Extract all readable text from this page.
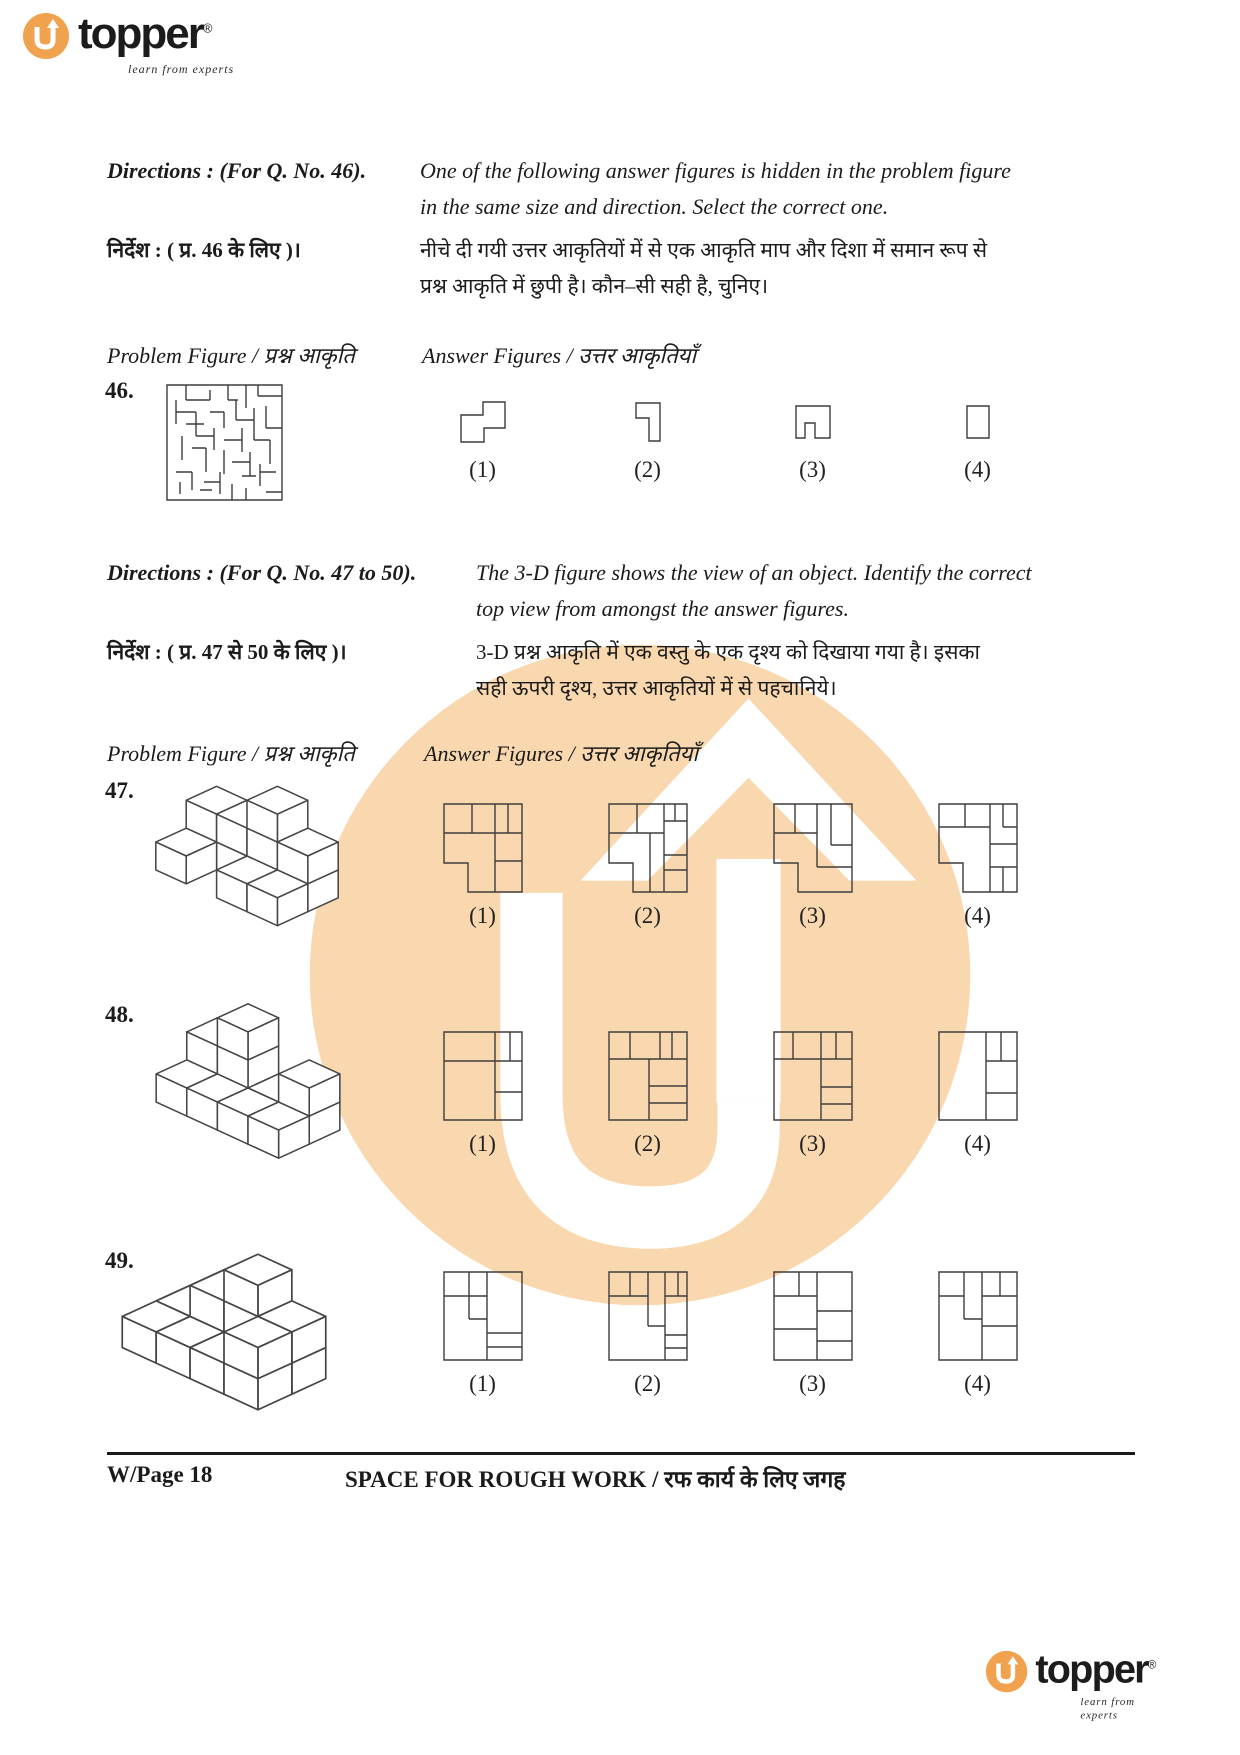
topper®
learn from experts
Directions : (For Q. No. 46). One of the following answer figures is hidden in the problem figure
in the same size and direction. Select the correct one.
निर्देश : ( प्र. 46 के लिए )।	नीचे दी गयी उत्तर आकृतियों में से एक आकृति माप और दिशा में समान रूप से
प्रश्न आकृति में छुपी है। कौन–सी सही है, चुनिए।
Problem Figure / प्रश्न आकृति	Answer Figures / उत्तर आकृतियाँ
46.
(1)	(2)	(3)	(4)
Directions : (For Q. No. 47 to 50).	The 3-D figure shows the view of an object. Identify the correct
top view from amongst the answer figures.
निर्देश : ( प्र. 47 से 50 के लिए )।	3-D प्रश्न आकृति में एक वस्तु के एक दृश्य को दिखाया गया है। इसका
सही ऊपरी दृश्य, उत्तर आकृतियों में से पहचानिये।
Problem Figure / प्रश्न आकृति	Answer Figures / उत्तर आकृतियाँ
47.
(1)	(2)	(3)	(4)
48.
(1)	(2)	(3)	(4)
49.
(1)	(2)	(3)	(4)
W/Page 18	SPACE FOR ROUGH WORK / रफ कार्य के लिए जगह
topper®
learn from experts
